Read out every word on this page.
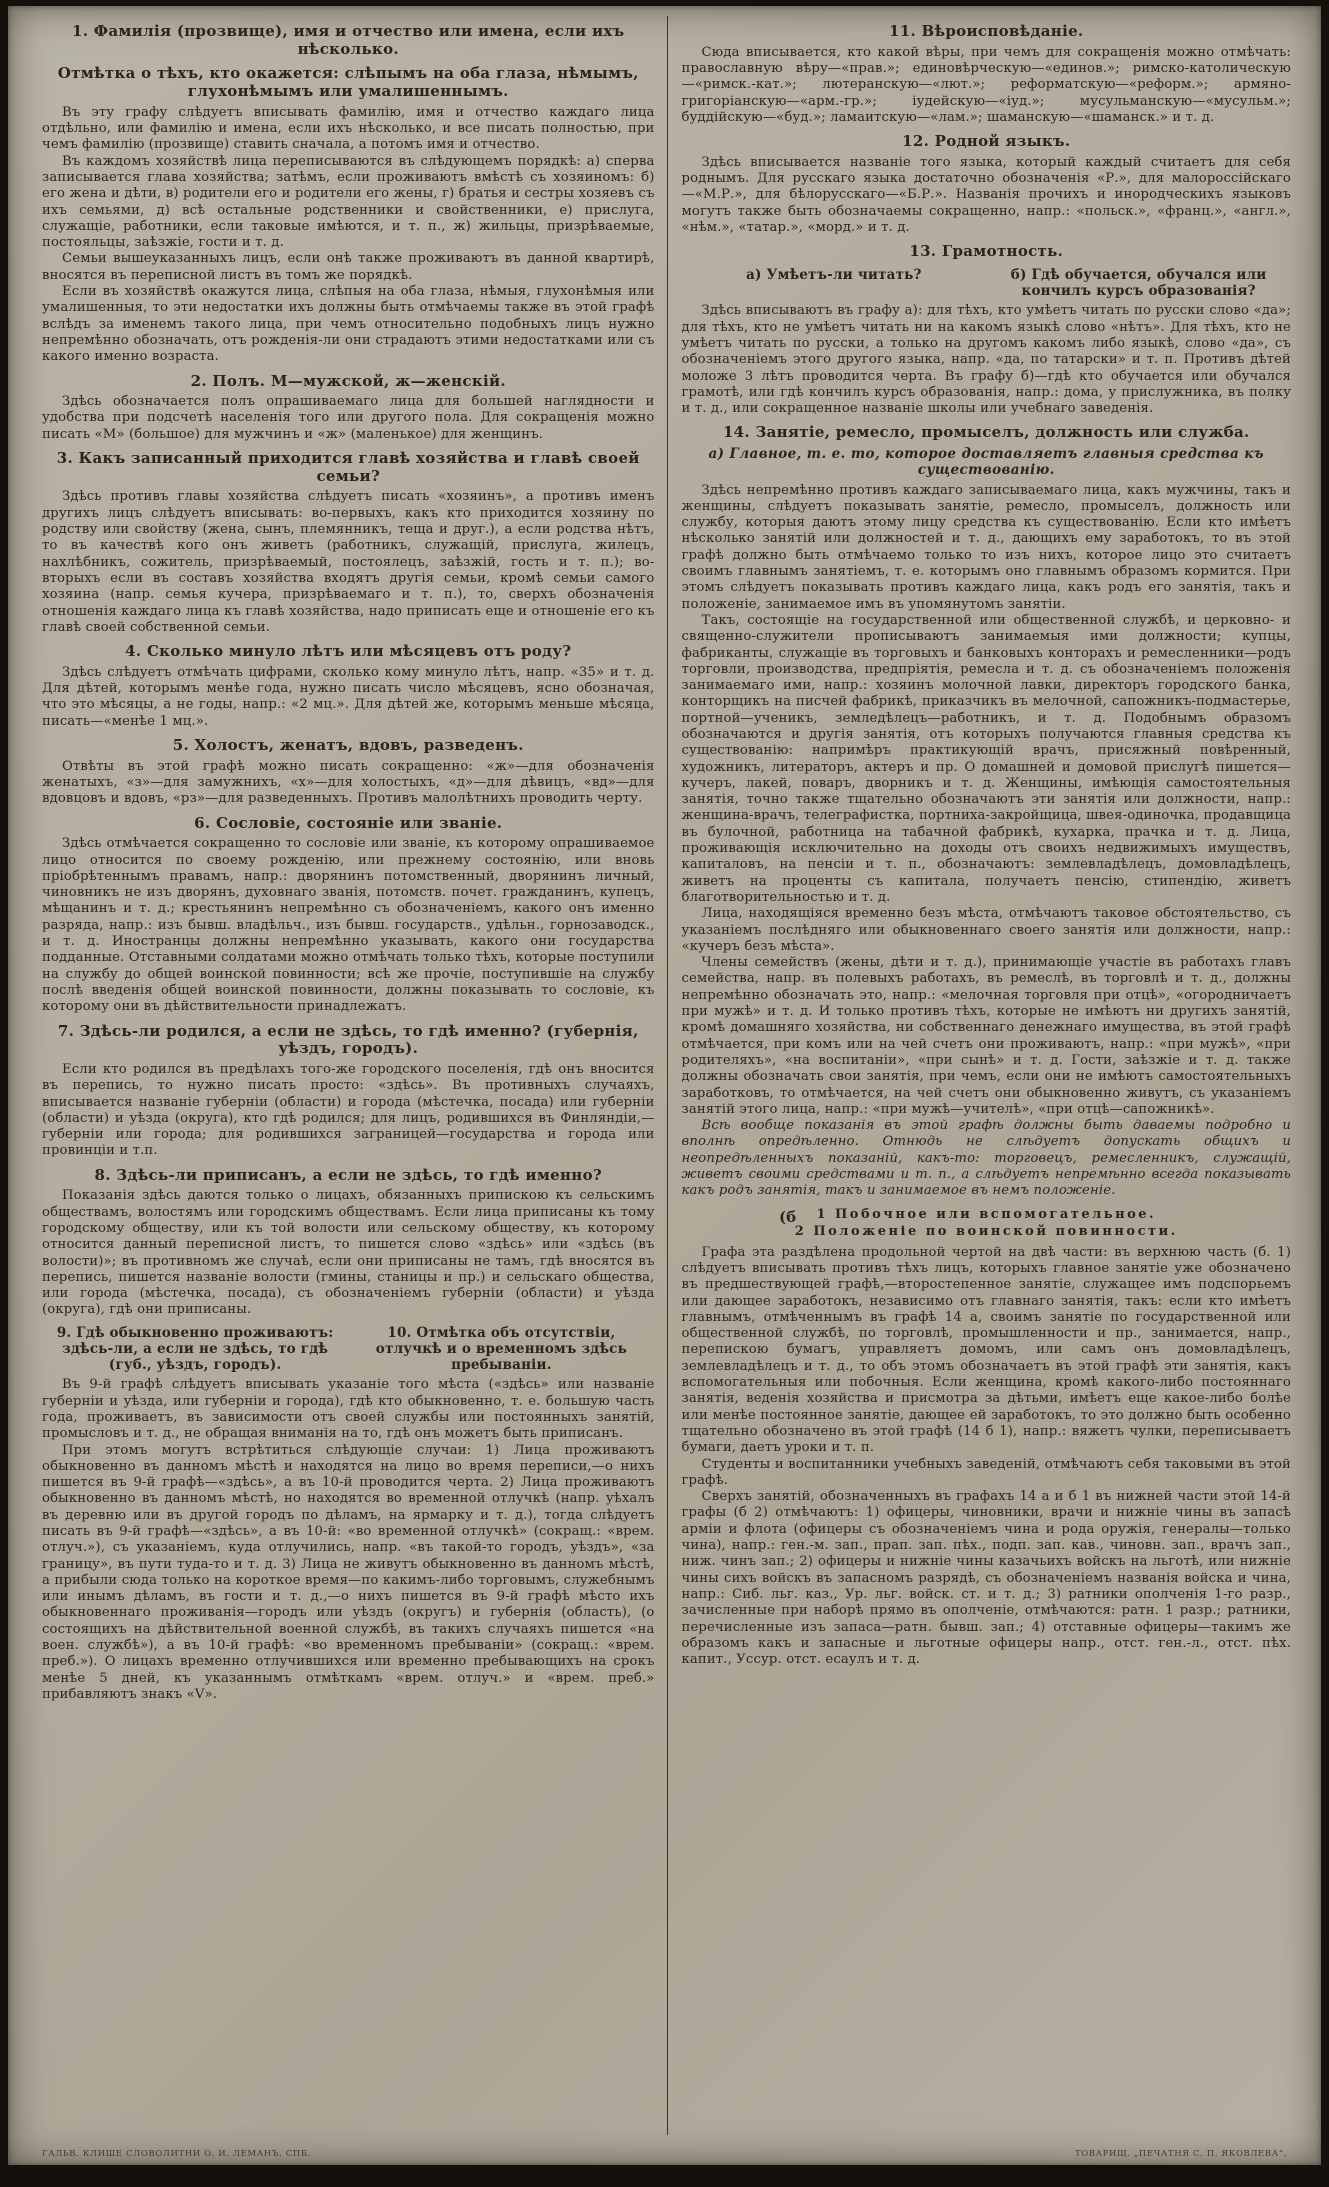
1. Фамилія (прозвище), имя и отчество или имена, если ихъ нѣсколько.
Отмѣтка о тѣхъ, кто окажется: слѣпымъ на оба глаза, нѣмымъ, глухонѣмымъ или умалишеннымъ.

Въ эту графу слѣдуетъ вписывать фамилію, имя и отчество каждаго лица отдѣльно, или фамилію и имена, если ихъ нѣсколько, и все писать полностью, при чемъ фамилію (прозвище) ставить сначала, а потомъ имя и отчество.

Въ каждомъ хозяйствѣ лица переписываются въ слѣдующемъ порядкѣ: а) сперва записывается глава хозяйства; затѣмъ, если проживаютъ вмѣстѣ съ хозяиномъ: б) его жена и дѣти, в) родители его и родители его жены, г) братья и сестры хозяевъ съ ихъ семьями, д) всѣ остальные родственники и свойственники, е) прислуга, служащіе, работники, если таковые имѣются, и т. п., ж) жильцы, призрѣваемые, постояльцы, заѣзжіе, гости и т. д.

Семьи вышеуказанныхъ лицъ, если онѣ также проживаютъ въ данной квартирѣ, вносятся въ переписной листъ въ томъ же порядкѣ.

Если въ хозяйствѣ окажутся лица, слѣпыя на оба глаза, нѣмыя, глухонѣмыя или умалишенныя, то эти недостатки ихъ должны быть отмѣчаемы также въ этой графѣ вслѣдъ за именемъ такого лица, при чемъ относительно подобныхъ лицъ нужно непремѣнно обозначать, отъ рожденія-ли они страдаютъ этими недостатками или съ какого именно возраста.

2. Полъ. М—мужской, ж—женскій.

Здѣсь обозначается полъ опрашиваемаго лица для большей наглядности и удобства при подсчетѣ населенія того или другого пола. Для сокращенія можно писать «М» (большое) для мужчинъ и «ж» (маленькое) для женщинъ.

3. Какъ записанный приходится главѣ хозяйства и главѣ своей семьи?

Здѣсь противъ главы хозяйства слѣдуетъ писать «хозяинъ», а противъ именъ другихъ лицъ слѣдуетъ вписывать: во-первыхъ, какъ кто приходится хозяину по родству или свойству (жена, сынъ, племянникъ, теща и друг.), а если родства нѣтъ, то въ качествѣ кого онъ живетъ (работникъ, служащій, прислуга, жилецъ, нахлѣбникъ, сожитель, призрѣваемый, постоялецъ, заѣзжій, гость и т. п.); во-вторыхъ если въ составъ хозяйства входятъ другія семьи, кромѣ семьи самого хозяина (напр. семья кучера, призрѣваемаго и т. п.), то, сверхъ обозначенія отношенія каждаго лица къ главѣ хозяйства, надо приписать еще и отношеніе его къ главѣ своей собственной семьи.

4. Сколько минуло лѣтъ или мѣсяцевъ отъ роду?

Здѣсь слѣдуетъ отмѣчать цифрами, сколько кому минуло лѣтъ, напр. «35» и т. д. Для дѣтей, которымъ менѣе года, нужно писать число мѣсяцевъ, ясно обозначая, что это мѣсяцы, а не годы, напр.: «2 мц.». Для дѣтей же, которымъ меньше мѣсяца, писать—«менѣе 1 мц.».

5. Холостъ, женатъ, вдовъ, разведенъ.

Отвѣты въ этой графѣ можно писать сокращенно: «ж»—для обозначенія женатыхъ, «з»—для замужнихъ, «х»—для холостыхъ, «д»—для дѣвицъ, «вд»—для вдовцовъ и вдовъ, «рз»—для разведенныхъ. Противъ малолѣтнихъ проводить черту.

6. Сословіе, состояніе или званіе.

Здѣсь отмѣчается сокращенно то сословіе или званіе, къ которому опрашиваемое лицо относится по своему рожденію, или прежнему состоянію, или вновь пріобрѣтеннымъ правамъ, напр.: дворянинъ потомственный, дворянинъ личный, чиновникъ не изъ дворянъ, духовнаго званія, потомств. почет. гражданинъ, купецъ, мѣщанинъ и т. д.; крестьянинъ непремѣнно съ обозначеніемъ, какого онъ именно разряда, напр.: изъ бывш. владѣльч., изъ бывш. государств., удѣльн., горнозаводск., и т. д. Иностранцы должны непремѣнно указывать, какого они государства подданные. Отставными солдатами можно отмѣчать только тѣхъ, которые поступили на службу до общей воинской повинности; всѣ же прочіе, поступившіе на службу послѣ введенія общей воинской повинности, должны показывать то сословіе, къ которому они въ дѣйствительности принадлежатъ.

7. Здѣсь-ли родился, а если не здѣсь, то гдѣ именно? (губернія, уѣздъ, городъ).

Если кто родился въ предѣлахъ того-же городского поселенія, гдѣ онъ вносится въ перепись, то нужно писать просто: «здѣсь». Въ противныхъ случаяхъ, вписывается названіе губерніи (области) и города (мѣстечка, посада) или губерніи (области) и уѣзда (округа), кто гдѣ родился; для лицъ, родившихся въ Финляндіи,—губерніи или города; для родившихся заграницей—государства и города или провинціи и т.п.

8. Здѣсь-ли приписанъ, а если не здѣсь, то гдѣ именно?

Показанія здѣсь даются только о лицахъ, обязанныхъ припискою къ сельскимъ обществамъ, волостямъ или городскимъ обществамъ. Если лица приписаны къ тому городскому обществу, или къ той волости или сельскому обществу, къ которому относится данный переписной листъ, то пишется слово «здѣсь» или «здѣсь (въ волости)»; въ противномъ же случаѣ, если они приписаны не тамъ, гдѣ вносятся въ перепись, пишется названіе волости (гмины, станицы и пр.) и сельскаго общества, или города (мѣстечка, посада), съ обозначеніемъ губерніи (области) и уѣзда (округа), гдѣ они приписаны.

9. Гдѣ обыкновенно проживаютъ: здѣсь-ли, а если не здѣсь, то гдѣ (губ., уѣздъ, городъ).
10. Отмѣтка объ отсутствіи, отлучкѣ и о временномъ здѣсь пребываніи.

Въ 9-й графѣ слѣдуетъ вписывать указаніе того мѣста («здѣсь» или названіе губерніи и уѣзда, или губерніи и города), гдѣ кто обыкновенно, т. е. большую часть года, проживаетъ, въ зависимости отъ своей службы или постоянныхъ занятій, промысловъ и т. д., не обращая вниманія на то, гдѣ онъ можетъ быть приписанъ.

При этомъ могутъ встрѣтиться слѣдующіе случаи: 1) Лица проживаютъ обыкновенно въ данномъ мѣстѣ и находятся на лицо во время переписи,—о нихъ пишется въ 9-й графѣ—«здѣсь», а въ 10-й проводится черта. 2) Лица проживаютъ обыкновенно въ данномъ мѣстѣ, но находятся во временной отлучкѣ (напр. уѣхалъ въ деревню или въ другой городъ по дѣламъ, на ярмарку и т. д.), тогда слѣдуетъ писать въ 9-й графѣ—«здѣсь», а въ 10-й: «во временной отлучкѣ» (сокращ.: «врем. отлуч.»), съ указаніемъ, куда отлучились, напр. «въ такой-то городъ, уѣздъ», «за границу», въ пути туда-то и т. д. 3) Лица не живутъ обыкновенно въ данномъ мѣстѣ, а прибыли сюда только на короткое время—по какимъ-либо торговымъ, служебнымъ или инымъ дѣламъ, въ гости и т. д.,—о нихъ пишется въ 9-й графѣ мѣсто ихъ обыкновеннаго проживанія—городъ или уѣздъ (округъ) и губернія (область), (о состоящихъ на дѣйствительной военной службѣ, въ такихъ случаяхъ пишется «на воен. службѣ»), а въ 10-й графѣ: «во временномъ пребываніи» (сокращ.: «врем. преб.»). О лицахъ временно отлучившихся или временно пребывающихъ на срокъ менѣе 5 дней, къ указаннымъ отмѣткамъ «врем. отлуч.» и «врем. преб.» прибавляютъ знакъ «V».

11. Вѣроисповѣданіе.

Сюда вписывается, кто какой вѣры, при чемъ для сокращенія можно отмѣчать: православную вѣру—«прав.»; единовѣрческую—«единов.»; римско-католическую—«римск.-кат.»; лютеранскую—«лют.»; реформатскую—«реформ.»; армяно-григоріанскую—«арм.-гр.»; іудейскую—«іуд.»; мусульманскую—«мусульм.»; буддійскую—«буд.»; ламаитскую—«лам.»; шаманскую—«шаманск.» и т. д.

12. Родной языкъ.

Здѣсь вписывается названіе того языка, который каждый считаетъ для себя роднымъ. Для русскаго языка достаточно обозначенія «Р.», для малороссійскаго—«М.Р.», для бѣлорусскаго—«Б.Р.». Названія прочихъ и инородческихъ языковъ могутъ также быть обозначаемы сокращенно, напр.: «польск.», «франц.», «англ.», «нѣм.», «татар.», «морд.» и т. д.

13. Грамотность.
а) Умѣетъ-ли читать?	б) Гдѣ обучается, обучался или кончилъ курсъ образованія?

Здѣсь вписываютъ въ графу а): для тѣхъ, кто умѣетъ читать по русски слово «да»; для тѣхъ, кто не умѣетъ читать ни на какомъ языкѣ слово «нѣтъ». Для тѣхъ, кто не умѣетъ читать по русски, а только на другомъ какомъ либо языкѣ, слово «да», съ обозначеніемъ этого другого языка, напр. «да, по татарски» и т. п. Противъ дѣтей моложе 3 лѣтъ проводится черта. Въ графу б)—гдѣ кто обучается или обучался грамотѣ, или гдѣ кончилъ курсъ образованія, напр.: дома, у прислужника, въ полку и т. д., или сокращенное названіе школы или учебнаго заведенія.

14. Занятіе, ремесло, промыселъ, должность или служба.
а) Главное, т. е. то, которое доставляетъ главныя средства къ существованію.

Здѣсь непремѣнно противъ каждаго записываемаго лица, какъ мужчины, такъ и женщины, слѣдуетъ показывать занятіе, ремесло, промыселъ, должность или службу, которыя даютъ этому лицу средства къ существованію. Если кто имѣетъ нѣсколько занятій или должностей и т. д., дающихъ ему заработокъ, то въ этой графѣ должно быть отмѣчаемо только то изъ нихъ, которое лицо это считаетъ своимъ главнымъ занятіемъ, т. е. которымъ оно главнымъ образомъ кормится. При этомъ слѣдуетъ показывать противъ каждаго лица, какъ родъ его занятія, такъ и положеніе, занимаемое имъ въ упомянутомъ занятіи.

Такъ, состоящіе на государственной или общественной службѣ, и церковно- и священно-служители прописываютъ занимаемыя ими должности; купцы, фабриканты, служащіе въ торговыхъ и банковыхъ конторахъ и ремесленники—родъ торговли, производства, предпріятія, ремесла и т. д. съ обозначеніемъ положенія занимаемаго ими, напр.: хозяинъ молочной лавки, директоръ городского банка, конторщикъ на писчей фабрикѣ, приказчикъ въ мелочной, сапожникъ-подмастерье, портной—ученикъ, земледѣлецъ—работникъ, и т. д. Подобнымъ образомъ обозначаются и другія занятія, отъ которыхъ получаются главныя средства къ существованію: напримѣръ практикующій врачъ, присяжный повѣренный, художникъ, литераторъ, актеръ и пр. О домашней и домовой прислугѣ пишется—кучеръ, лакей, поваръ, дворникъ и т. д. Женщины, имѣющія самостоятельныя занятія, точно также тщательно обозначаютъ эти занятія или должности, напр.: женщина-врачъ, телеграфистка, портниха-закройщица, швея-одиночка, продавщица въ булочной, работница на табачной фабрикѣ, кухарка, прачка и т. д. Лица, проживающія исключительно на доходы отъ своихъ недвижимыхъ имуществъ, капиталовъ, на пенсіи и т. п., обозначаютъ: землевладѣлецъ, домовладѣлецъ, живетъ на проценты съ капитала, получаетъ пенсію, стипендію, живетъ благотворительностью и т. д.

Лица, находящіяся временно безъ мѣста, отмѣчаютъ таковое обстоятельство, съ указаніемъ послѣдняго или обыкновеннаго своего занятія или должности, напр.: «кучеръ безъ мѣста».

Члены семействъ (жены, дѣти и т. д.), принимающіе участіе въ работахъ главъ семейства, напр. въ полевыхъ работахъ, въ ремеслѣ, въ торговлѣ и т. д., должны непремѣнно обозначать это, напр.: «мелочная торговля при отцѣ», «огородничаетъ при мужѣ» и т. д. И только противъ тѣхъ, которые не имѣютъ ни другихъ занятій, кромѣ домашняго хозяйства, ни собственнаго денежнаго имущества, въ этой графѣ отмѣчается, при комъ или на чей счетъ они проживаютъ, напр.: «при мужѣ», «при родителяхъ», «на воспитаніи», «при сынѣ» и т. д. Гости, заѣзжіе и т. д. также должны обозначать свои занятія, при чемъ, если они не имѣютъ самостоятельныхъ заработковъ, то отмѣчается, на чей счетъ они обыкновенно живутъ, съ указаніемъ занятій этого лица, напр.: «при мужѣ—учителѣ», «при отцѣ—сапожникѣ».

Всѣ вообще показанія въ этой графѣ должны быть даваемы подробно и вполнѣ опредѣленно. Отнюдь не слѣдуетъ допускать общихъ и неопредѣленныхъ показаній, какъ-то: торговецъ, ремесленникъ, служащій, живетъ своими средствами и т. п., а слѣдуетъ непремѣнно всегда показывать какъ родъ занятія, такъ и занимаемое въ немъ положеніе.

(б	1 Побочное или вспомогательное.
2 Положеніе по воинской повинности.

Графа эта раздѣлена продольной чертой на двѣ части: въ верхнюю часть (б. 1) слѣдуетъ вписывать противъ тѣхъ лицъ, которыхъ главное занятіе уже обозначено въ предшествующей графѣ,—второстепенное занятіе, служащее имъ подспорьемъ или дающее заработокъ, независимо отъ главнаго занятія, такъ: если кто имѣетъ главнымъ, отмѣченнымъ въ графѣ 14 а, своимъ занятіе по государственной или общественной службѣ, по торговлѣ, промышленности и пр., занимается, напр., перепискою бумагъ, управляетъ домомъ, или самъ онъ домовладѣлецъ, землевладѣлецъ и т. д., то объ этомъ обозначаетъ въ этой графѣ эти занятія, какъ вспомогательныя или побочныя. Если женщина, кромѣ какого-либо постояннаго занятія, веденія хозяйства и присмотра за дѣтьми, имѣетъ еще какое-либо болѣе или менѣе постоянное занятіе, дающее ей заработокъ, то это должно быть особенно тщательно обозначено въ этой графѣ (14 б 1), напр.: вяжетъ чулки, переписываетъ бумаги, даетъ уроки и т. п.

Студенты и воспитанники учебныхъ заведеній, отмѣчаютъ себя таковыми въ этой графѣ.

Сверхъ занятій, обозначенныхъ въ графахъ 14 а и б 1 въ нижней части этой 14-й графы (б 2) отмѣчаютъ: 1) офицеры, чиновники, врачи и нижніе чины въ запасѣ арміи и флота (офицеры съ обозначеніемъ чина и рода оружія, генералы—только чина), напр.: ген.-м. зап., прап. зап. пѣх., подп. зап. кав., чиновн. зап., врачъ зап., ниж. чинъ зап.; 2) офицеры и нижніе чины казачьихъ войскъ на льготѣ, или нижніе чины сихъ войскъ въ запасномъ разрядѣ, съ обозначеніемъ названія войска и чина, напр.: Сиб. льг. каз., Ур. льг. войск. ст. и т. д.; 3) ратники ополченія 1-го разр., зачисленные при наборѣ прямо въ ополченіе, отмѣчаются: ратн. 1 разр.; ратники, перечисленные изъ запаса—ратн. бывш. зап.; 4) отставные офицеры—такимъ же образомъ какъ и запасные и льготные офицеры напр., отст. ген.-л., отст. пѣх. капит., Уссур. отст. есаулъ и т. д.

ГАЛЬВ. КЛИШЕ СЛОВОЛИТНИ О. И. ЛЕМАНЪ, СПБ.	ТОВАРИЩ. „ПЕЧАТНЯ С. П. ЯКОВЛЕВА“.
